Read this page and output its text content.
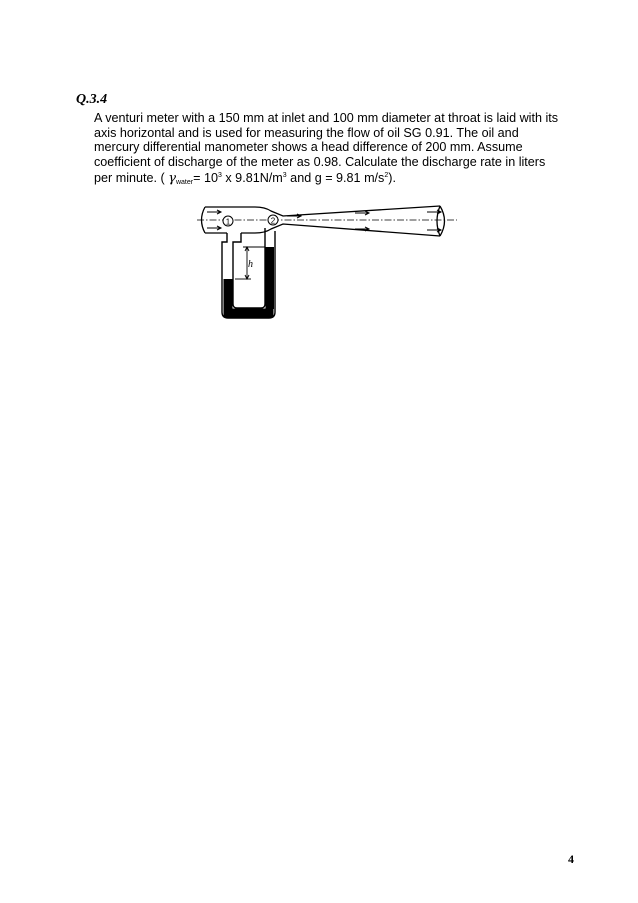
Q.3.4

A venturi meter with a 150 mm at inlet and 100 mm diameter at throat is laid with its
axis horizontal and is used for measuring the flow of oil SG 0.91. The oil and
mercury differential manometer shows a head difference of 200 mm. Assume
coefficient of discharge of the meter as 0.98. Calculate the discharge rate in liters
per minute. ( $\gamma_{water}= 10^3$ x $9.81N/m^3$ and g = 9.81 $m/s^2$).

1	2
h
4
